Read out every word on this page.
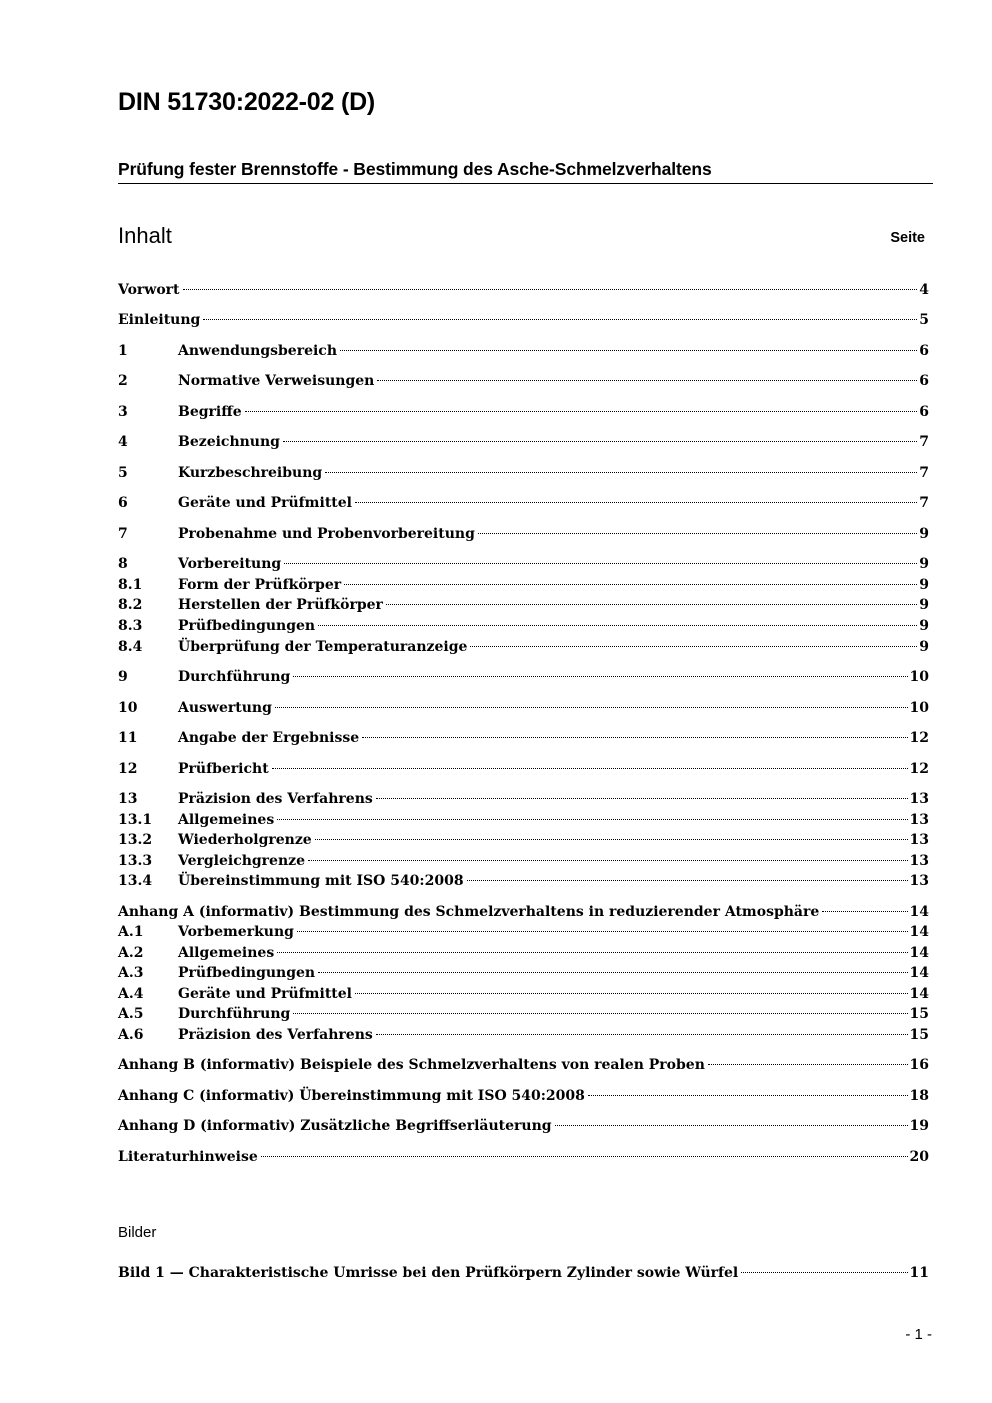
DIN 51730:2022-02 (D)
Prüfung fester Brennstoffe - Bestimmung des Asche-Schmelzverhaltens
Inhalt	Seite
Vorwort	4
Einleitung	5
1	Anwendungsbereich	6
2	Normative Verweisungen	6
3	Begriffe	6
4	Bezeichnung	7
5	Kurzbeschreibung	7
6	Geräte und Prüfmittel	7
7	Probenahme und Probenvorbereitung	9
8	Vorbereitung	9
8.1	Form der Prüfkörper	9
8.2	Herstellen der Prüfkörper	9
8.3	Prüfbedingungen	9
8.4	Überprüfung der Temperaturanzeige	9
9	Durchführung	10
10	Auswertung	10
11	Angabe der Ergebnisse	12
12	Prüfbericht	12
13	Präzision des Verfahrens	13
13.1	Allgemeines	13
13.2	Wiederholgrenze	13
13.3	Vergleichgrenze	13
13.4	Übereinstimmung mit ISO 540:2008	13
Anhang A (informativ) Bestimmung des Schmelzverhaltens in reduzierender Atmosphäre	14
A.1	Vorbemerkung	14
A.2	Allgemeines	14
A.3	Prüfbedingungen	14
A.4	Geräte und Prüfmittel	14
A.5	Durchführung	15
A.6	Präzision des Verfahrens	15
Anhang B (informativ) Beispiele des Schmelzverhaltens von realen Proben	16
Anhang C (informativ) Übereinstimmung mit ISO 540:2008	18
Anhang D (informativ) Zusätzliche Begriffserläuterung	19
Literaturhinweise	20
Bilder
Bild 1 — Charakteristische Umrisse bei den Prüfkörpern Zylinder sowie Würfel	11
- 1 -
